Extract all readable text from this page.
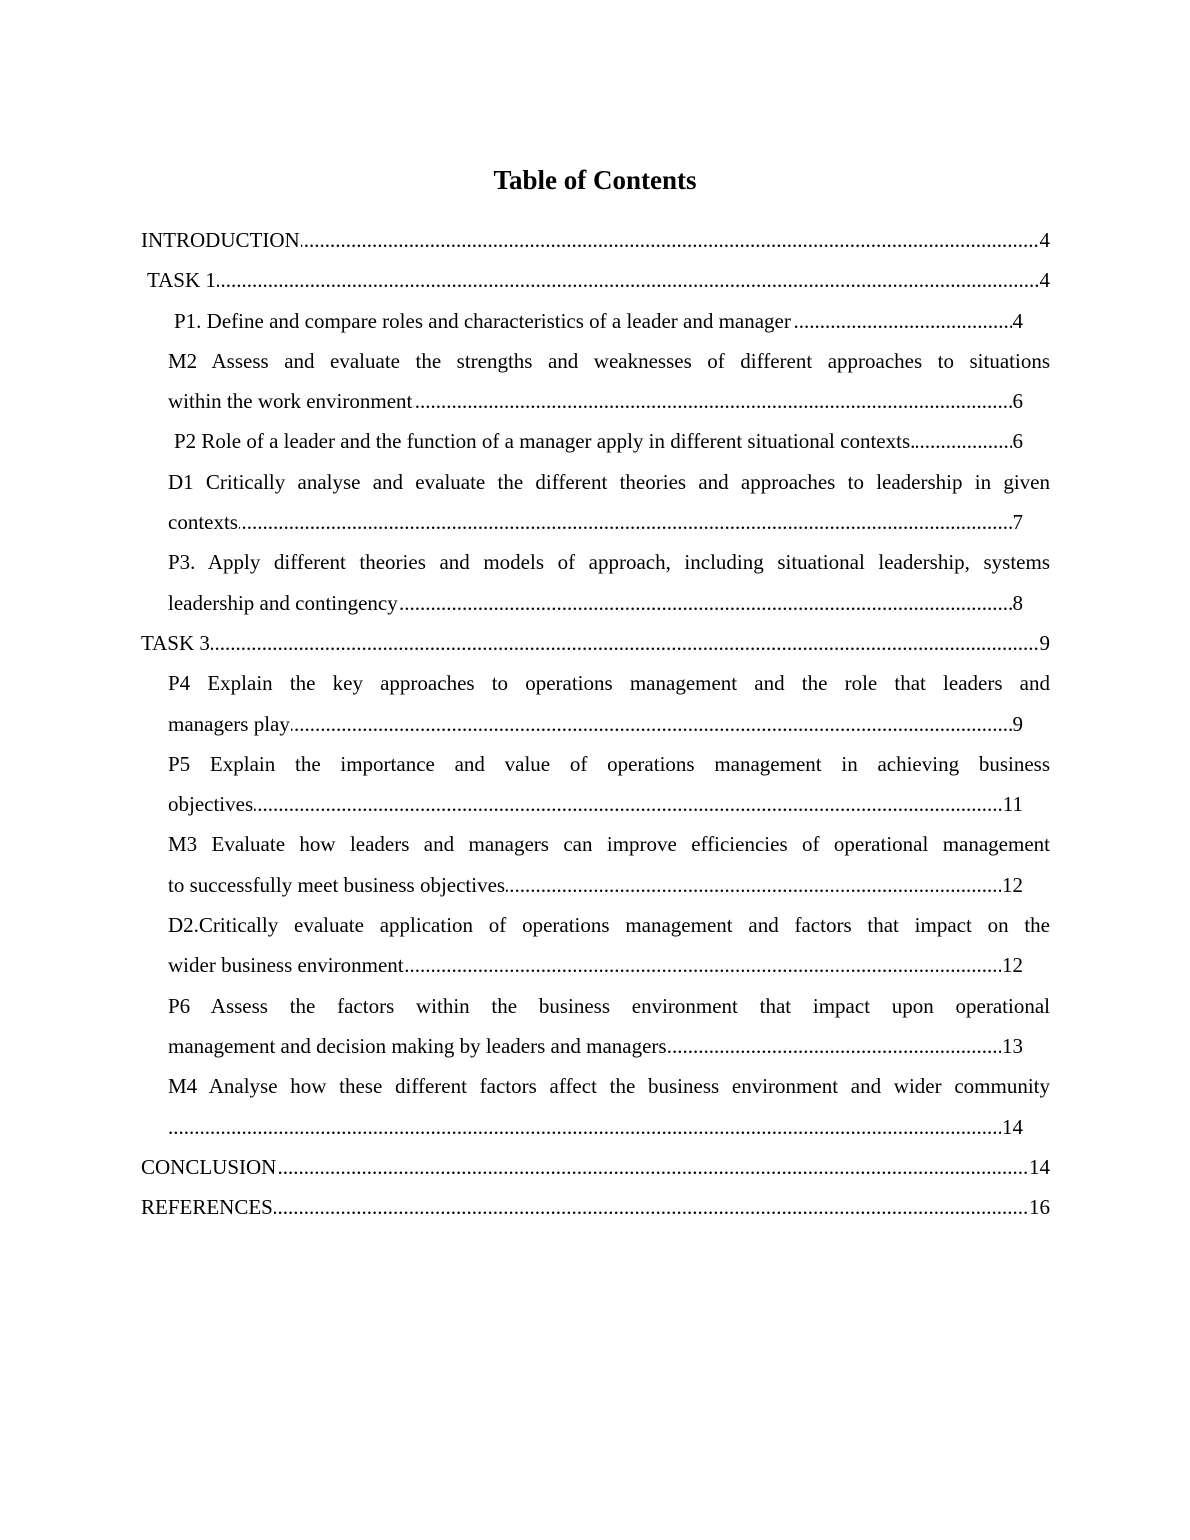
Table of Contents
INTRODUCTION	4
.....
TASK 1	4
.....
P1. Define and compare roles and characteristics of a leader and manager	4
.....
M2 Assess and evaluate the strengths and weaknesses of different approaches to situations
within the work environment	6
.....
P2 Role of a leader and the function of a manager apply in different situational contexts.	6
.....
D1 Critically analyse and evaluate the different theories and approaches to leadership in given
contexts	7
.....
P3. Apply different theories and models of approach, including situational leadership, systems
leadership and contingency	8
.....
TASK 3	9
.....
P4 Explain the key approaches to operations management and the role that leaders and
managers play	9
.....
P5 Explain the importance and value of operations management in achieving business
objectives	11
.....
M3 Evaluate how leaders and managers can improve efficiencies of operational management
to successfully meet business objectives	12
.....
D2.Critically evaluate application of operations management and factors that impact on the
wider business environment	12
.....
P6 Assess the factors within the business environment that impact upon operational
management and decision making by leaders and managers	13
.....
M4 Analyse how these different factors affect the business environment and wider community
14
.....
CONCLUSION	14
.....
REFERENCES	16
.....
